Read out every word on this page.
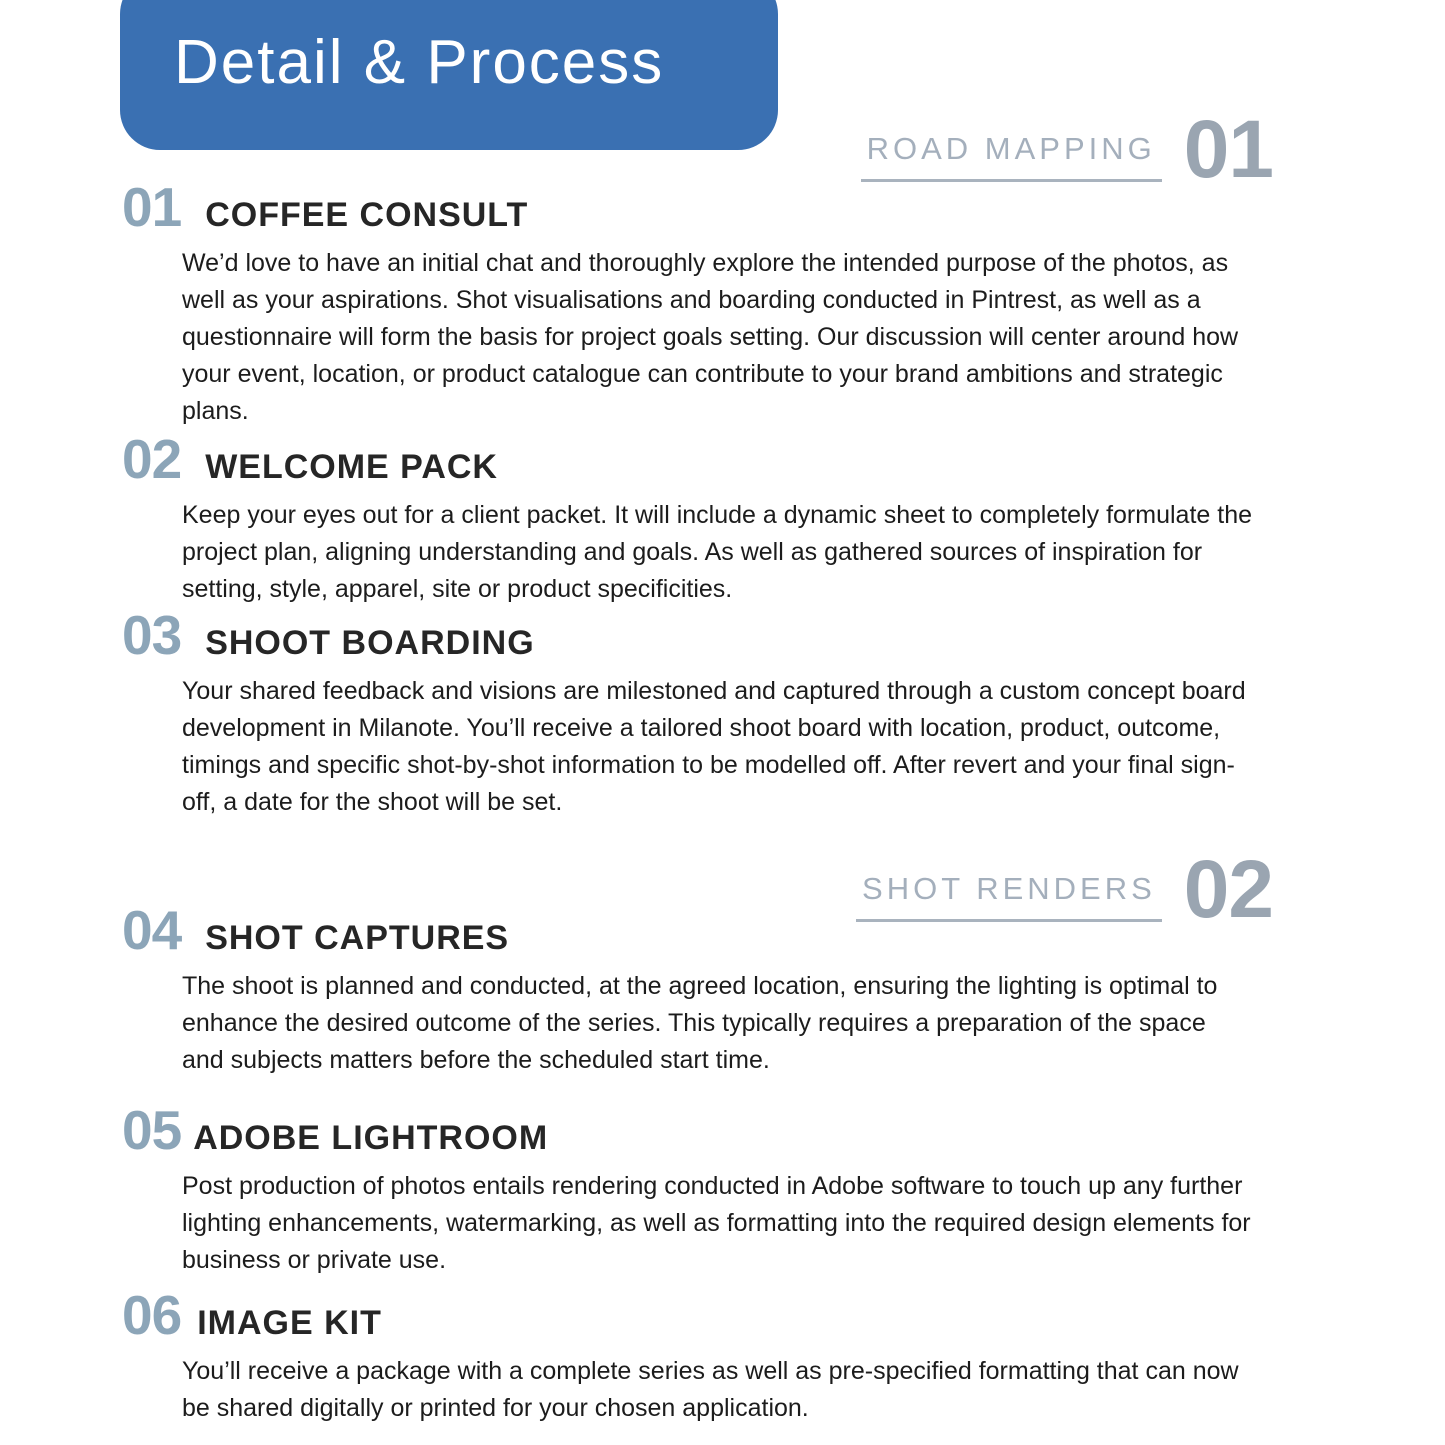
Detail & Process
ROAD MAPPING 01
SHOT RENDERS 02
01 COFFEE CONSULT
We’d love to have an initial chat and thoroughly explore the intended purpose of the photos, as well as your aspirations. Shot visualisations and boarding conducted in Pintrest, as well as a questionnaire will form the basis for project goals setting. Our discussion will center around how your event, location, or product catalogue can contribute to your brand ambitions and strategic plans.
02 WELCOME PACK
Keep your eyes out for a client packet. It will include a dynamic sheet to completely formulate the project plan, aligning understanding and goals. As well as gathered sources of inspiration for setting, style, apparel, site or product specificities.
03 SHOOT BOARDING
Your shared feedback and visions are milestoned and captured through a custom concept board development in Milanote. You’ll receive a tailored shoot board with location, product, outcome, timings and specific shot-by-shot information to be modelled off. After revert and your final sign-off, a date for the shoot will be set.
04 SHOT CAPTURES
The shoot is planned and conducted, at the agreed location, ensuring the lighting is optimal to enhance the desired outcome of the series. This typically requires a preparation of the space and subjects matters before the scheduled start time.
05 ADOBE LIGHTROOM
Post production of photos entails rendering conducted in Adobe software to touch up any further lighting enhancements, watermarking, as well as formatting into the required design elements for business or private use.
06 IMAGE KIT
You’ll receive a package with a complete series as well as pre-specified formatting that can now be shared digitally or printed for your chosen application.
